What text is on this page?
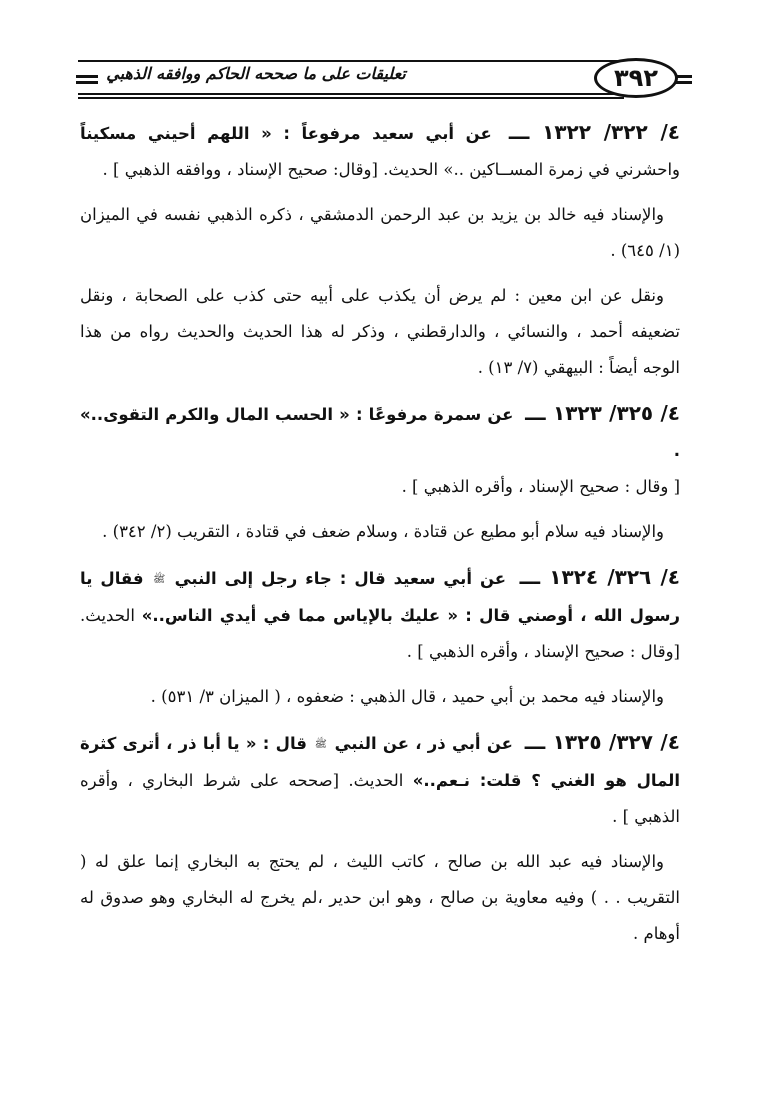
تعليقات على ما صححه الحاكم ووافقه الذهبي	٣٩٢

٤/ ٣٢٢/ ١٣٢٢ ـــ عن أبي سعيد مرفوعاً : « اللهم أحيني مسكيناً واحشرني في زمرة المســاكين ..» الحديث. [وقال: صحيح الإسناد ، ووافقه الذهبي ] .

والإسناد فيه خالد بن يزيد بن عبد الرحمن الدمشقي ، ذكره الذهبي نفسه في الميزان (١/ ٦٤٥) .

ونقل عن ابن معين : لم يرض أن يكذب على أبيه حتى كذب على الصحابة ، ونقل تضعيفه أحمد ، والنسائي ، والدارقطني ، وذكر له هذا الحديث والحديث رواه من هذا الوجه أيضاً : البيهقي (٧/ ١٣) .

٤/ ٣٢٥/ ١٣٢٣ ـــ عن سمرة مرفوعًا : « الحسب المال والكرم التقوى..» .
[ وقال : صحيح الإسناد ، وأقره الذهبي ] .

والإسناد فيه سلام أبو مطيع عن قتادة ، وسلام ضعف في قتادة ، التقريب (٢/ ٣٤٢) .

٤/ ٣٢٦/ ١٣٢٤ ـــ عن أبي سعيد قال : جاء رجل إلى النبي ﷺ فقال يا رسول الله ، أوصني قال : « عليك بالإياس مما في أيدي الناس..» الحديث. [وقال : صحيح الإسناد ، وأقره الذهبي ] .

والإسناد فيه محمد بن أبي حميد ، قال الذهبي : ضعفوه ، ( الميزان ٣/ ٥٣١) .

٤/ ٣٢٧/ ١٣٢٥ ـــ عن أبي ذر ، عن النبي ﷺ قال : « يا أبا ذر ، أترى كثرة المال هو الغني ؟ قلت: نـعم..» الحديث. [صححه على شرط البخاري ، وأقره الذهبي ] .

والإسناد فيه عبد الله بن صالح ، كاتب الليث ، لم يحتج به البخاري إنما علق له ( التقريب . . ) وفيه معاوية بن صالح ، وهو ابن حدير ،لم يخرج له البخاري وهو صدوق له أوهام .
